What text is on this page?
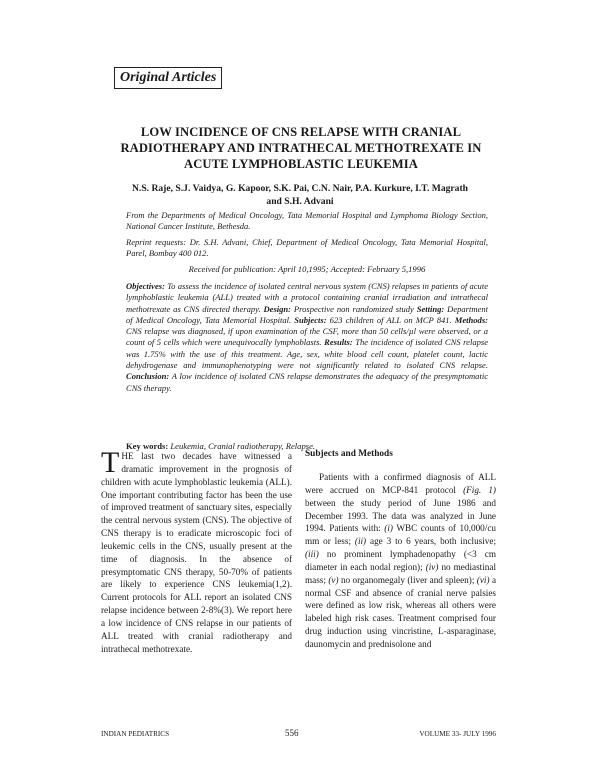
Original Articles
LOW INCIDENCE OF CNS RELAPSE WITH CRANIAL RADIOTHERAPY AND INTRATHECAL METHOTREXATE IN ACUTE LYMPHOBLASTIC LEUKEMIA
N.S. Raje, S.J. Vaidya, G. Kapoor, S.K. Pai, C.N. Nair, P.A. Kurkure, I.T. Magrath and S.H. Advani
From the Departments of Medical Oncology, Tata Memorial Hospital and Lymphoma Biology Section, National Cancer Institute, Bethesda.
Reprint requests: Dr. S.H. Advani, Chief, Department of Medical Oncology, Tata Memorial Hospital, Parel, Bombay 400 012.
Received for publication: April 10,1995; Accepted: February 5,1996
Objectives: To assess the incidence of isolated central nervous system (CNS) relapses in patients of acute lymphoblastic leukemia (ALL) treated with a protocol containing cranial irradiation and intrathecal methotrexate as CNS directed therapy. Design: Prospective non randomized study Setting: Department of Medical Oncology, Tata Memorial Hospital. Subjects: 623 children of ALL on MCP 841. Methods: CNS relapse was diagnosed, if upon examination of the CSF, more than 50 cells/µl were observed, or a count of 5 cells which were unequivocally lymphoblasts. Results: The incidence of isolated CNS relapse was 1.75% with the use of this treatment. Age, sex, white blood cell count, platelet count, lactic dehydrogenase and immunophenotyping were not significantly related to isolated CNS relapse. Conclusion: A low incidence of isolated CNS relapse demonstrates the adequacy of the presymptomatic CNS therapy.
Key words: Leukemia, Cranial radiotherapy, Relapse.
THE last two decades have witnessed a dramatic improvement in the prognosis of children with acute lymphoblastic leukemia (ALL). One important contributing factor has been the use of improved treatment of sanctuary sites, especially the central nervous system (CNS). The objective of CNS therapy is to eradicate microscopic foci of leukemic cells in the CNS, usually present at the time of diagnosis. In the absence of presymptomatic CNS therapy, 50-70% of patients are likely to experience CNS leukemia(1,2). Current protocols for ALL report an isolated CNS relapse incidence between 2-8%(3). We report here a low incidence of CNS relapse in our patients of ALL treated with cranial radiotherapy and intrathecal methotrexate.
Subjects and Methods
Patients with a confirmed diagnosis of ALL were accrued on MCP-841 protocol (Fig. 1) between the study period of June 1986 and December 1993. The data was analyzed in June 1994. Patients with: (i) WBC counts of 10,000/cu mm or less; (ii) age 3 to 6 years, both inclusive; (iii) no prominent lymphadenopathy (<3 cm diameter in each nodal region); (iv) no mediastinal mass; (v) no organomegaly (liver and spleen); (vi) a normal CSF and absence of cranial nerve palsies were defined as low risk, whereas all others were labeled high risk cases. Treatment comprised four drug induction using vincristine, L-asparaginase, daunomycin and prednisolone and
INDIAN PEDIATRICS	556	VOLUME 33- JULY 1996
